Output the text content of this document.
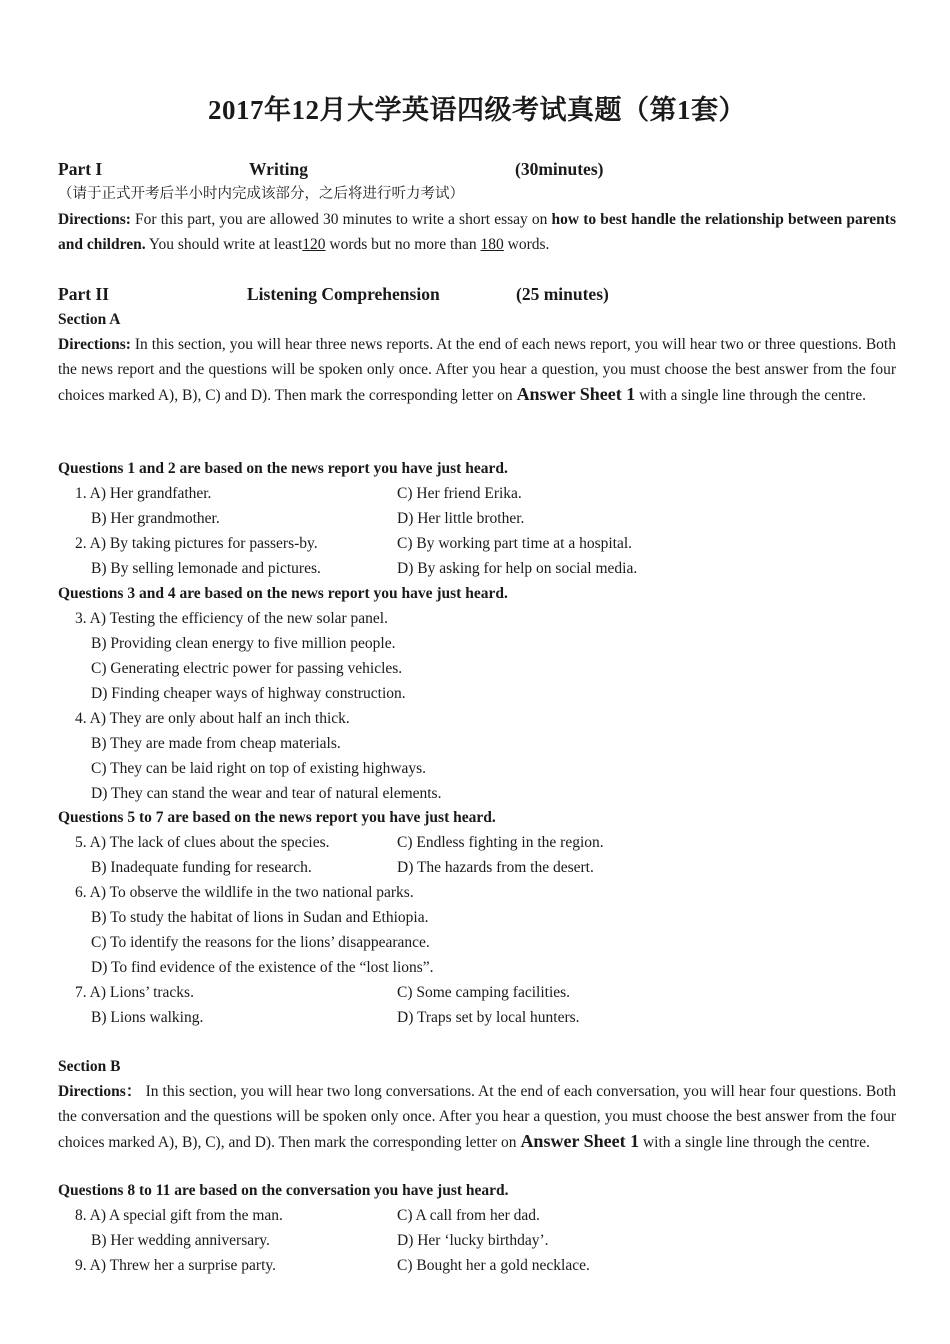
2017年12月大学英语四级考试真题（第1套）
Part I	Writing	(30minutes)
（请于正式开考后半小时内完成该部分，之后将进行听力考试）
Directions: For this part, you are allowed 30 minutes to write a short essay on how to best handle the relationship between parents and children. You should write at least120 words but no more than 180 words.
Part II	Listening Comprehension	(25 minutes)
Section A
Directions: In this section, you will hear three news reports. At the end of each news report, you will hear two or three questions. Both the news report and the questions will be spoken only once. After you hear a question, you must choose the best answer from the four choices marked A), B), C) and D). Then mark the corresponding letter on Answer Sheet 1 with a single line through the centre.
Questions 1 and 2 are based on the news report you have just heard.
1. A) Her grandfather.	C) Her friend Erika.
B) Her grandmother.	D) Her little brother.
2. A) By taking pictures for passers-by.	C) By working part time at a hospital.
B) By selling lemonade and pictures.	D) By asking for help on social media.
Questions 3 and 4 are based on the news report you have just heard.
3. A) Testing the efficiency of the new solar panel.
B) Providing clean energy to five million people.
C) Generating electric power for passing vehicles.
D) Finding cheaper ways of highway construction.
4. A) They are only about half an inch thick.
B) They are made from cheap materials.
C) They can be laid right on top of existing highways.
D) They can stand the wear and tear of natural elements.
Questions 5 to 7 are based on the news report you have just heard.
5. A) The lack of clues about the species.	C) Endless fighting in the region.
B) Inadequate funding for research.	D) The hazards from the desert.
6. A) To observe the wildlife in the two national parks.
B) To study the habitat of lions in Sudan and Ethiopia.
C) To identify the reasons for the lions’ disappearance.
D) To find evidence of the existence of the “lost lions”.
7. A) Lions’ tracks.	C) Some camping facilities.
B) Lions walking.	D) Traps set by local hunters.
Section B
Directions： In this section, you will hear two long conversations. At the end of each conversation, you will hear four questions. Both the conversation and the questions will be spoken only once. After you hear a question, you must choose the best answer from the four choices marked A), B), C), and D). Then mark the corresponding letter on Answer Sheet 1 with a single line through the centre.
Questions 8 to 11 are based on the conversation you have just heard.
8. A) A special gift from the man.	C) A call from her dad.
B) Her wedding anniversary.	D) Her ‘lucky birthday’.
9. A) Threw her a surprise party.	C) Bought her a gold necklace.
